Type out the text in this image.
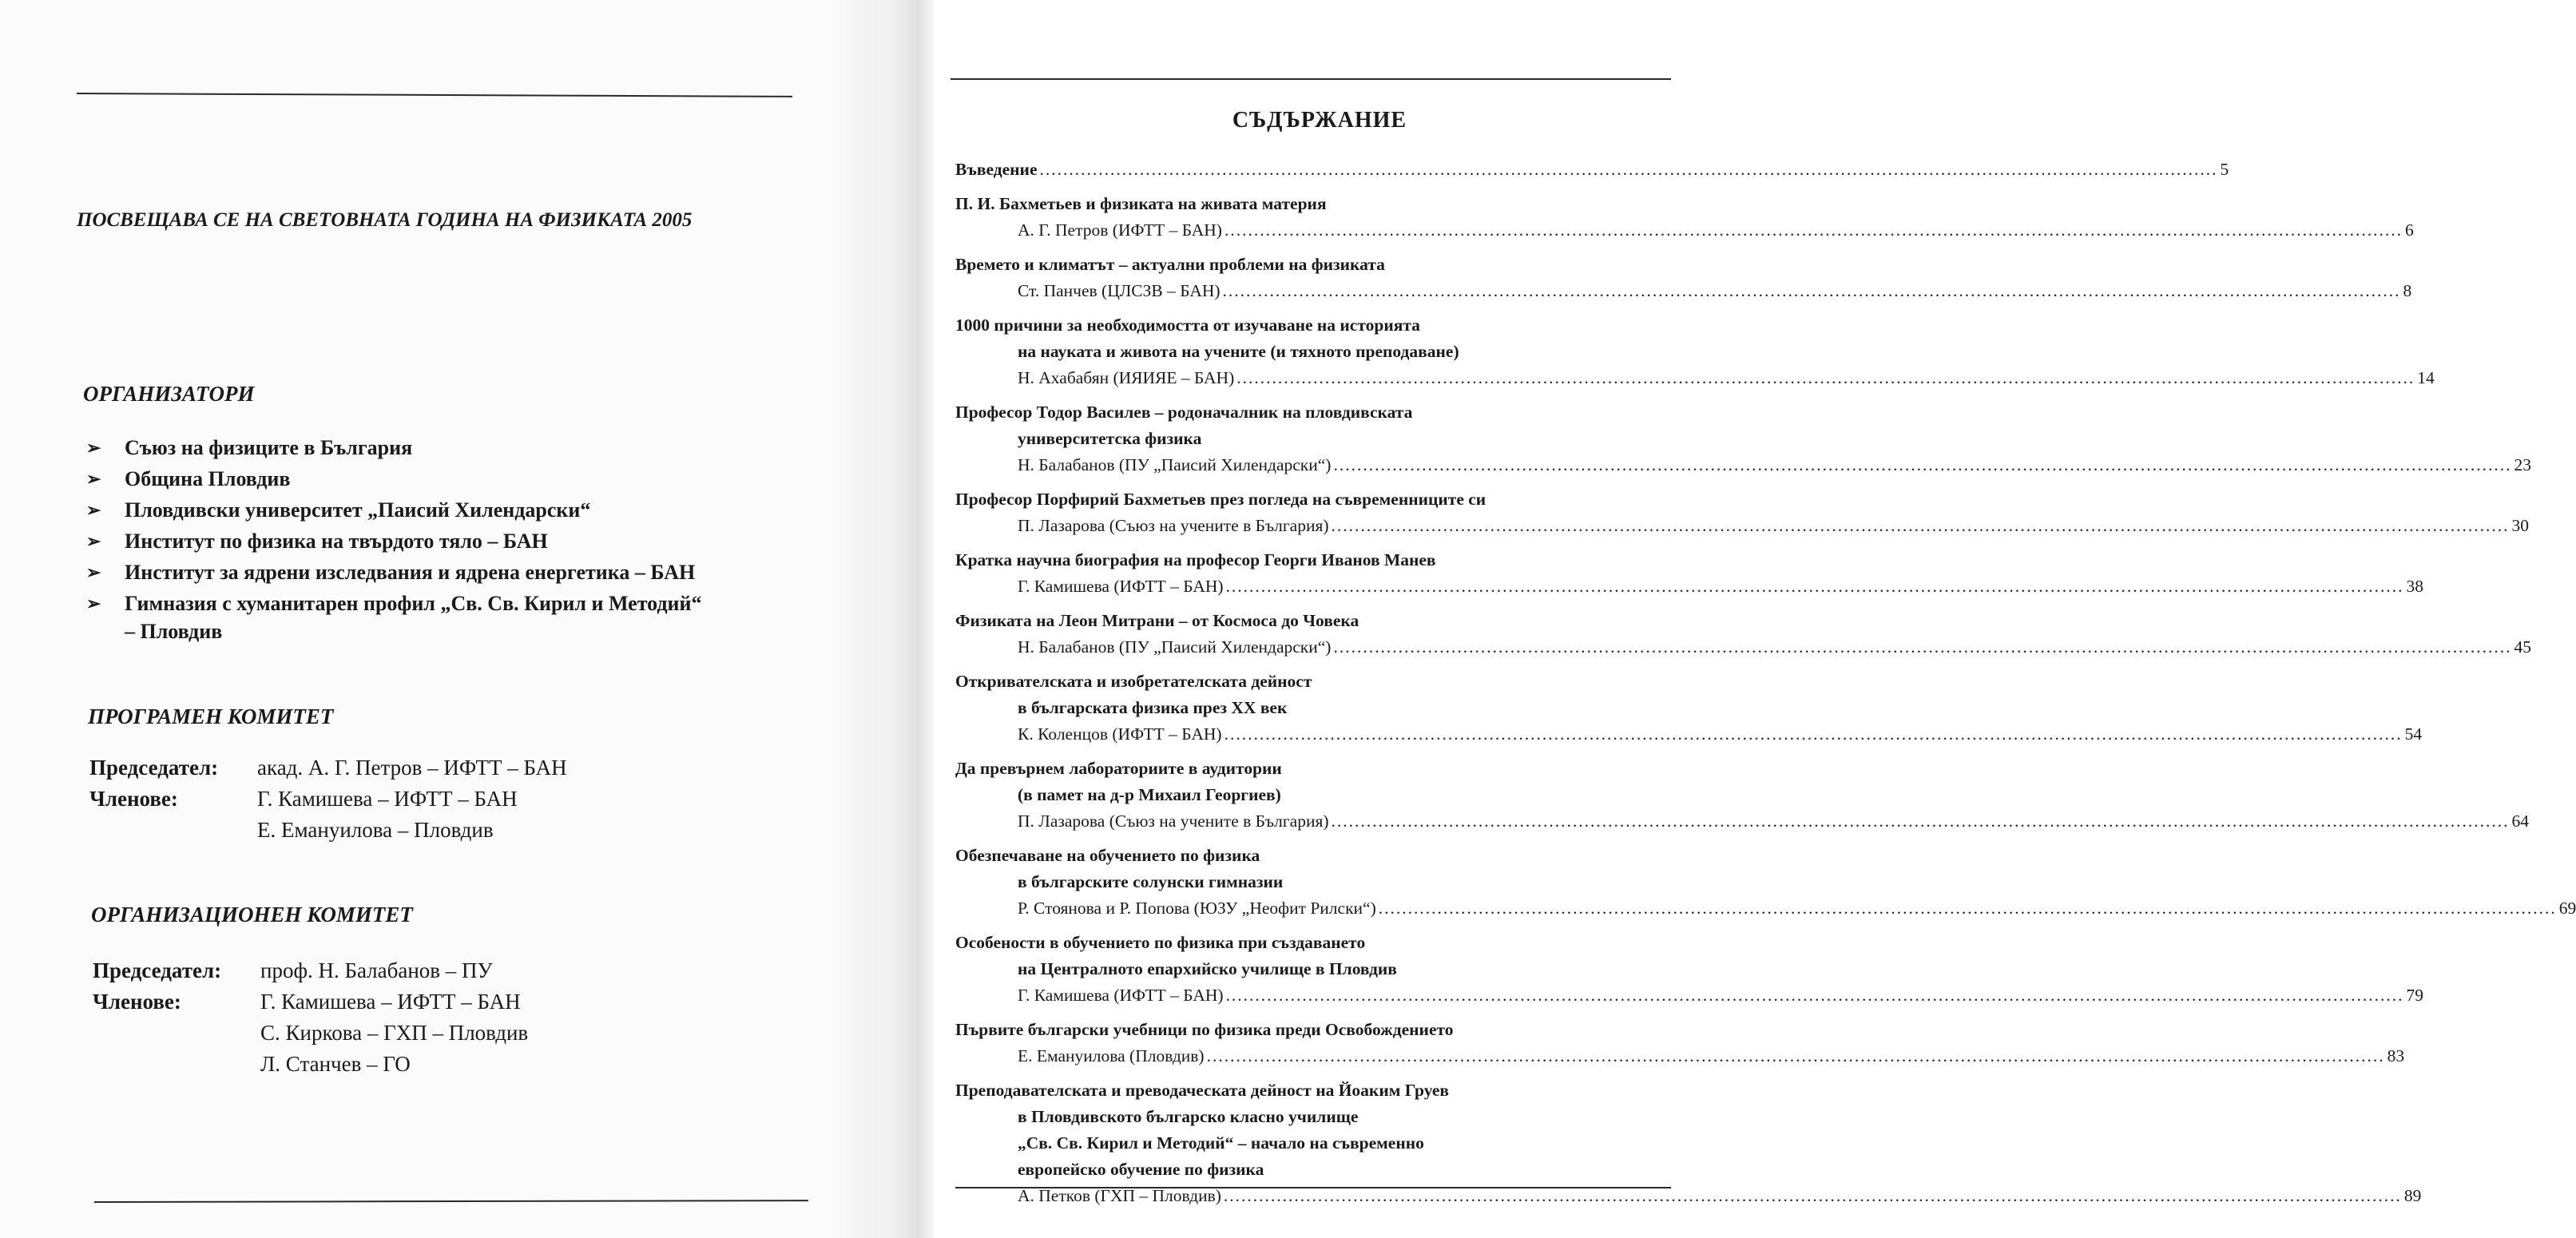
ПОСВЕЩАВА СЕ НА СВЕТОВНАТА ГОДИНА НА ФИЗИКАТА 2005
ОРГАНИЗАТОРИ
➢ Съюз на физиците в България
➢ Община Пловдив
➢ Пловдивски университет „Паисий Хилендарски“
➢ Институт по физика на твърдото тяло – БАН
➢ Институт за ядрени изследвания и ядрена енергетика – БАН
➢ Гимназия с хуманитарен профил „Св. Св. Кирил и Методий“
– Пловдив
ПРОГРАМЕН КОМИТЕТ
Председател: акад. А. Г. Петров – ИФТТ – БАН
Членове:	Г. Камишева – ИФТТ – БАН
Е. Емануилова – Пловдив
ОРГАНИЗАЦИОНЕН КОМИТЕТ
Председател: проф. Н. Балабанов – ПУ
Членове:	Г. Камишева – ИФТТ – БАН
С. Киркова – ГХП – Пловдив
Л. Станчев – ГО
СЪДЪРЖАНИЕ
Въведение ........................................................................................................................................................................................................ 5
П. И. Бахметьев и физиката на живата материя
А. Г. Петров (ИФТТ – БАН) ........................................................................................................................................................................................................ 6
Времето и климатът – актуални проблеми на физиката
Ст. Панчев (ЦЛСЗВ – БАН) ........................................................................................................................................................................................................ 8
1000 причини за необходимостта от изучаване на историята
на науката и живота на учените (и тяхното преподаване)
Н. Ахабабян (ИЯИЯЕ – БАН) ........................................................................................................................................................................................................ 14
Професор Тодор Василев – родоначалник на пловдивската
университетска физика
Н. Балабанов (ПУ „Паисий Хилендарски“) ........................................................................................................................................................................................................ 23
Професор Порфирий Бахметьев през погледа на съвременниците си
П. Лазарова (Съюз на учените в България) ........................................................................................................................................................................................................ 30
Кратка научна биография на професор Георги Иванов Манев
Г. Камишева (ИФТТ – БАН) ........................................................................................................................................................................................................ 38
Физиката на Леон Митрани – от Космоса до Човека
Н. Балабанов (ПУ „Паисий Хилендарски“) ........................................................................................................................................................................................................ 45
Откривателската и изобретателската дейност
в българската физика през XX век
К. Коленцов (ИФТТ – БАН) ........................................................................................................................................................................................................ 54
Да превърнем лабораториите в аудитории
(в памет на д-р Михаил Георгиев)
П. Лазарова (Съюз на учените в България) ........................................................................................................................................................................................................ 64
Обезпечаване на обучението по физика
в българските солунски гимназии
Р. Стоянова и Р. Попова (ЮЗУ „Неофит Рилски“) ........................................................................................................................................................................................................ 69
Особености в обучението по физика при създаването
на Централното епархийско училище в Пловдив
Г. Камишева (ИФТТ – БАН) ........................................................................................................................................................................................................ 79
Първите български учебници по физика преди Освобождението
Е. Емануилова (Пловдив) ........................................................................................................................................................................................................ 83
Преподавателската и преводаческата дейност на Йоаким Груев
в Пловдивското българско класно училище
„Св. Св. Кирил и Методий“ – начало на съвременно
европейско обучение по физика
А. Петков (ГХП – Пловдив) ........................................................................................................................................................................................................ 89
